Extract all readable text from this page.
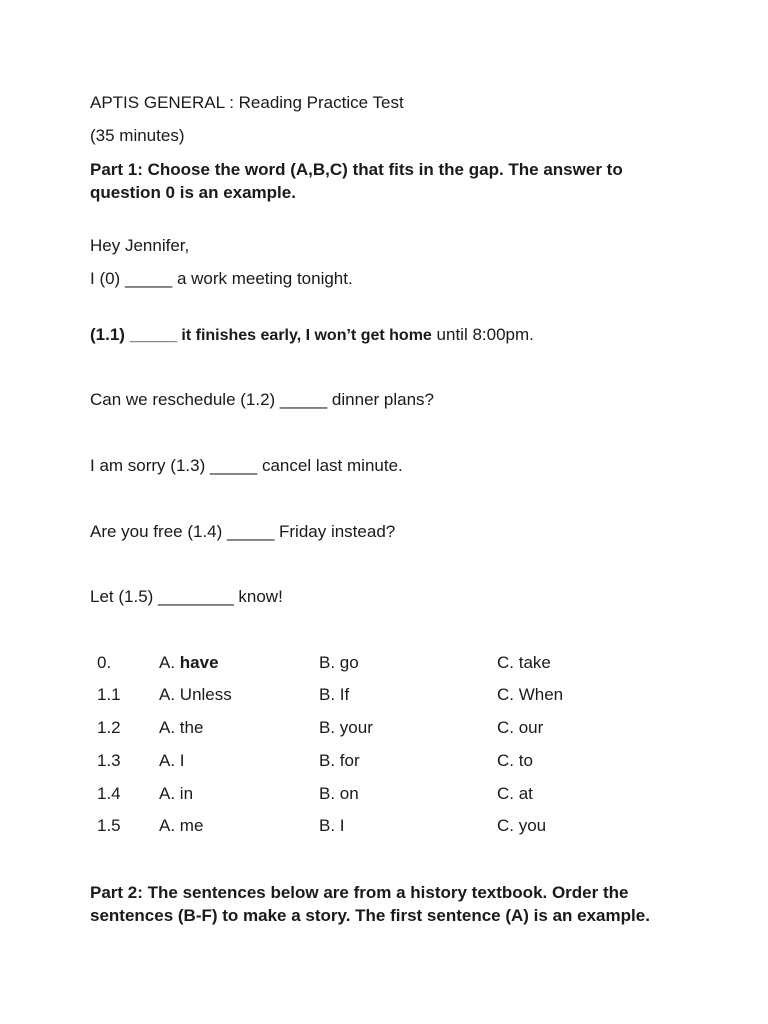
APTIS GENERAL : Reading Practice Test
(35 minutes)
Part 1: Choose the word (A,B,C) that fits in the gap. The answer to question 0 is an example.
Hey Jennifer,
I (0) _____ a work meeting tonight.
(1.1) _____ it finishes early, I won’t get home until 8:00pm.
Can we reschedule (1.2) _____ dinner plans?
I am sorry (1.3) _____ cancel last minute.
Are you free (1.4) _____ Friday instead?
Let (1.5) ________ know!
0.	A. have	B. go	C. take
1.1 A. Unless	B. If	C. When
1.2 A. the	B. your	C. our
1.3 A. I	B. for	C. to
1.4 A. in	B. on	C. at
1.5 A. me	B. I	C. you
Part 2: The sentences below are from a history textbook. Order the sentences (B-F) to make a story. The first sentence (A) is an example.
